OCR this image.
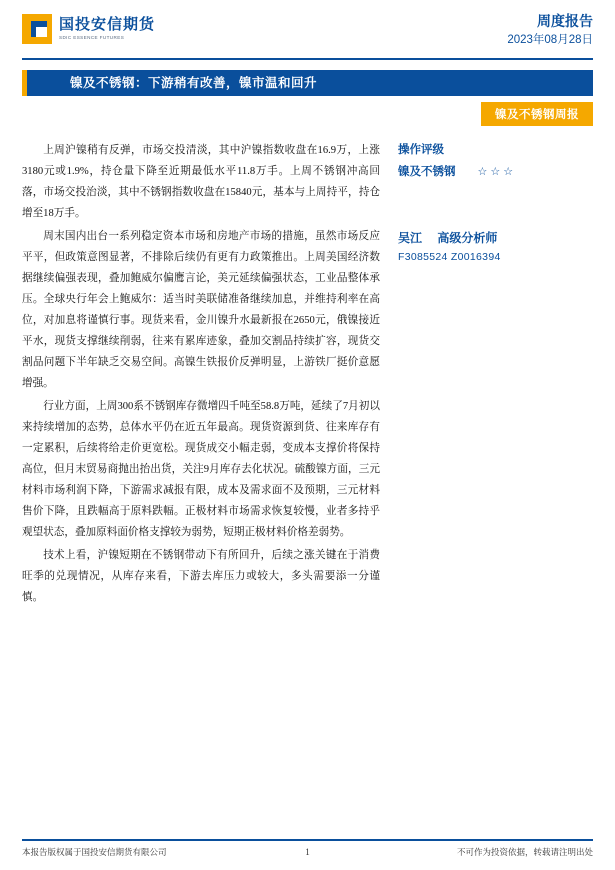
国投安信期货
SDIC ESSENCE FUTURES
周度报告
2023年08月28日
镍及不锈钢：下游稍有改善，镍市温和回升
镍及不锈钢周报

上周沪镍稍有反弹，市场交投清淡，其中沪镍指数收盘在16.9万，上涨3180元或1.9%，持仓量下降至近期最低水平11.8万手。上周不锈钢冲高回落，市场交投治淡，其中不锈钢指数收盘在15840元，基本与上周持平，持仓增至18万手。

周末国内出台一系列稳定资本市场和房地产市场的措施，虽然市场反应平平，但政策意图显著，不排除后续仍有更有力政策推出。上周美国经济数据继续偏强表现，叠加鲍威尔偏鹰言论，美元延续偏强状态，工业品整体承压。全球央行年会上鲍威尔：适当时美联储准备继续加息，并维持利率在高位，对加息将谨慎行事。现货来看，金川镍升水最新报在2650元，俄镍接近平水，现货支撑继续削弱，往来有累库迹象，叠加交割品持续扩容，现货交割品问题下半年缺乏交易空间。高镍生铁报价反弹明显，上游铁厂挺价意愿增强。

行业方面，上周300系不锈钢库存微增四千吨至58.8万吨，延续了7月初以来持续增加的态势，总体水平仍在近五年最高。现货资源到货、往来库存有一定累积，后续将给走价更宽松。现货成交小幅走弱，变成本支撑价将保持高位，但月末贸易商抛出抬出货，关注9月库存去化状况。硫酸镍方面，三元材料市场利润下降，下游需求减报有限，成本及需求面不及预期，三元材料售价下降，且跌幅高于原料跌幅。正极材料市场需求恢复较慢，业者多持乎观望状态，叠加原料面价格支撑较为弱势，短期正极材料价格差弱势。

技术上看，沪镍短期在不锈钢带动下有所回升，后续之涨关键在于消费旺季的兑现情况，从库存来看，下游去库压力或较大，多头需要添一分谨慎。

操作评级
镍及不锈钢 ☆☆☆
吴江 高级分析师
F3085524 Z0016394
本报告版权属于国投安信期货有限公司	1	不可作为投资依据，转载请注明出处
